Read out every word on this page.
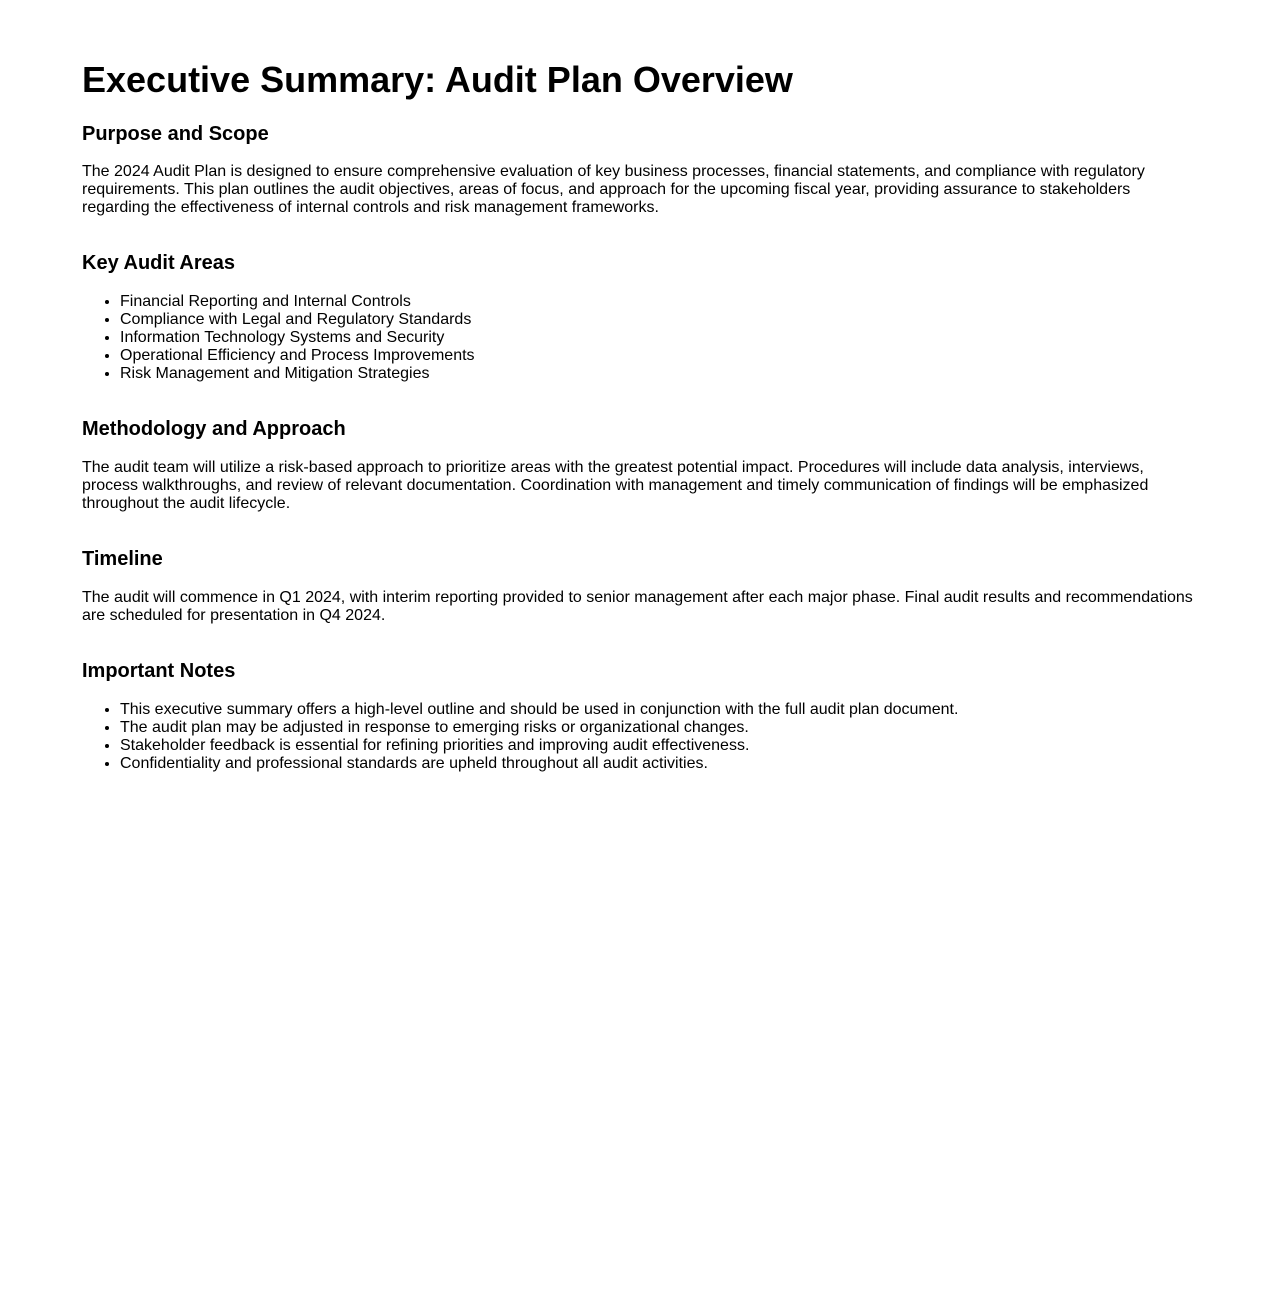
Executive Summary: Audit Plan Overview
Purpose and Scope

The 2024 Audit Plan is designed to ensure comprehensive evaluation of key business processes, financial statements, and compliance with regulatory requirements. This plan outlines the audit objectives, areas of focus, and approach for the upcoming fiscal year, providing assurance to stakeholders regarding the effectiveness of internal controls and risk management frameworks.

Key Audit Areas
• Financial Reporting and Internal Controls
• Compliance with Legal and Regulatory Standards
• Information Technology Systems and Security
• Operational Efficiency and Process Improvements
• Risk Management and Mitigation Strategies
Methodology and Approach

The audit team will utilize a risk-based approach to prioritize areas with the greatest potential impact. Procedures will include data analysis, interviews, process walkthroughs, and review of relevant documentation. Coordination with management and timely communication of findings will be emphasized throughout the audit lifecycle.

Timeline

The audit will commence in Q1 2024, with interim reporting provided to senior management after each major phase. Final audit results and recommendations are scheduled for presentation in Q4 2024.

Important Notes
• This executive summary offers a high-level outline and should be used in conjunction with the full audit plan document.
• The audit plan may be adjusted in response to emerging risks or organizational changes.
• Stakeholder feedback is essential for refining priorities and improving audit effectiveness.
• Confidentiality and professional standards are upheld throughout all audit activities.
